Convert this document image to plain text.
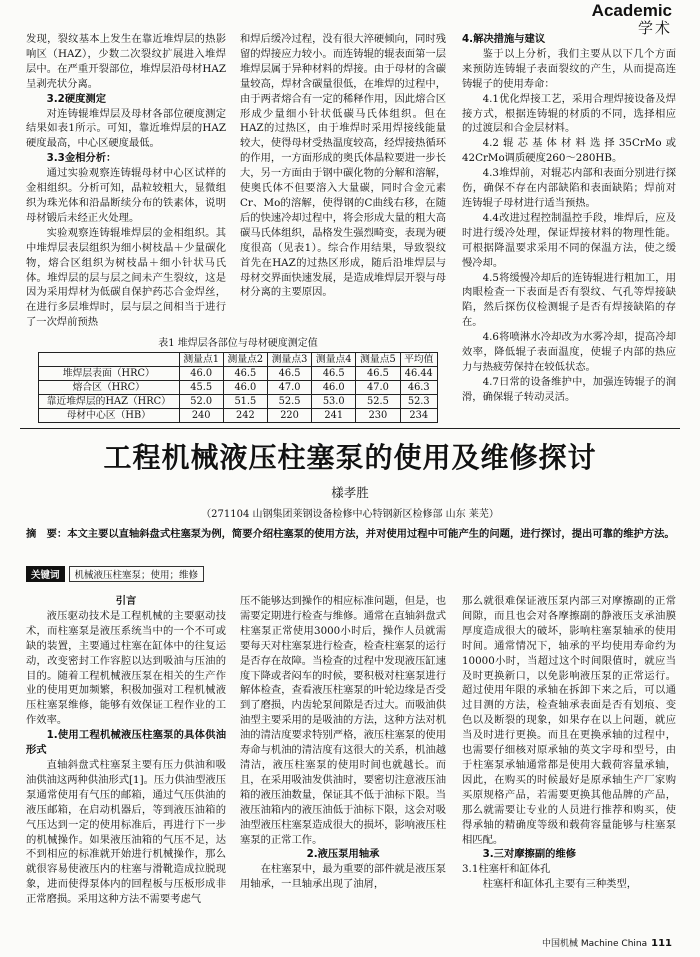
Academic
学术

发现，裂纹基本上发生在靠近堆焊层的热影响区（HAZ），少数二次裂纹扩展进入堆焊层中。在严重开裂部位，堆焊层沿母材HAZ呈剥壳状分离。

3.2硬度测定

对连铸辊堆焊层及母材各部位硬度测定结果如表1所示。可知，靠近堆焊层的HAZ硬度最高，中心区硬度最低。

3.3金相分析：

通过实验观察连铸辊母材中心区试样的金相组织。分析可知，晶粒较粗大，显微组织为珠光体和沿晶断续分布的铁素体，说明母材锻后未经正火处理。

实验观察连铸辊堆焊层的金相组织。其中堆焊层表层组织为细小树枝晶＋少量碳化物，熔合区组织为树枝晶＋细小针状马氏体。堆焊层的层与层之间未产生裂纹，这是因为采用焊材为低碳自保护药芯合金焊丝，在进行多层堆焊时，层与层之间相当于进行了一次焊前预热

和焊后缓冷过程，没有很大淬硬倾向，同时残留的焊接应力较小。而连铸辊的辊表面第一层堆焊层属于异种材料的焊接。由于母材的含碳量较高，焊材含碳量很低，在堆焊的过程中，由于两者熔合有一定的稀释作用，因此熔合区形成少量细小针状低碳马氏体组织。但在HAZ的过热区，由于堆焊时采用焊接线能量较大，使得母材受热温度较高，经焊接热循环的作用，一方面形成的奥氏体晶粒要进一步长大，另一方面由于钢中碳化物的分解和溶解，使奥氏体不但要溶入大量碳，同时合金元素Cr、Mo的溶解，使得钢的C曲线右移，在随后的快速冷却过程中，将会形成大量的粗大高碳马氏体组织，晶格发生强烈畸变，表现为硬度很高（见表1）。综合作用结果，导致裂纹首先在HAZ的过热区形成，随后沿堆焊层与母材交界面快速发展，是造成堆焊层开裂与母材分离的主要原因。

4.解决措施与建议

鉴于以上分析，我们主要从以下几个方面来预防连铸辊子表面裂纹的产生，从而提高连铸辊子的使用寿命：

4.1优化焊接工艺，采用合理焊接设备及焊接方式，根据连铸辊的材质的不同，选择相应的过渡层和合金层材料。

4.2辊芯基体材料选择35CrMo或42CrMo调质硬度260～280HB。

4.3堆焊前，对辊芯内部和表面分别进行探伤，确保不存在内部缺陷和表面缺陷；焊前对连铸辊子母材进行适当预热。

4.4改进过程控制温控手段，堆焊后，应及时进行缓冷处理，保证焊接材料的物理性能。可根据降温要求采用不同的保温方法，使之缓慢冷却。

4.5将缓慢冷却后的连铸辊进行粗加工，用肉眼检查一下表面是否有裂纹、气孔等焊接缺陷，然后探伤仪检测辊子是否有焊接缺陷的存在。

4.6将喷淋水冷却改为水雾冷却，提高冷却效率，降低辊子表面温度，使辊子内部的热应力与热疲劳保持在较低状态。

4.7日常的设备维护中，加强连铸辊子的润滑，确保辊子转动灵活。

表1 堆焊层各部位与母材硬度测定值
	测量点1	测量点2	测量点3	测量点4	测量点5	平均值
堆焊层表面（HRC）	46.0	46.5	46.5	46.5	46.5	46.44
熔合区（HRC）	45.5	46.0	47.0	46.0	47.0	46.3
靠近堆焊层的HAZ（HRC）	52.0	51.5	52.5	53.0	52.5	52.3
母材中心区（HB）	240	242	220	241	230	234
工程机械液压柱塞泵的使用及维修探讨
樣孝胜
（271104 山钢集团莱钢设备检修中心特钢新区检修部 山东 莱芜）
摘　要：本文主要以直轴斜盘式柱塞泵为例，简要介绍柱塞泵的使用方法，并对使用过程中可能产生的问题，进行探讨，提出可靠的维护方法。
关键词 机械液压柱塞泵；使用；维修

引言

液压驱动技术是工程机械的主要驱动技术，而柱塞泵是液压系统当中的一个不可或缺的装置，主要通过柱塞在缸体中的往复运动，改变密封工作容腔以达到吸油与压油的目的。随着工程机械液压泵在相关的生产作业的使用更加频繁，积极加强对工程机械液压柱塞泵维修，能够有效保证工程作业的工作效率。

1.使用工程机械液压柱塞泵的具体供油形式

直轴斜盘式柱塞泵主要有压力供油和吸油供油这两种供油形式[1]。压力供油型液压泵通常使用有气压的邮箱，通过气压供油的液压邮箱，在启动机器后，等到液压油箱的气压达到一定的使用标准后，再进行下一步的机械操作。如果液压油箱的气压不足，达不到相应的标准就开始进行机械操作，那么就很容易使液压内的柱塞与滑靴造成拉脱现象，进而使得泵体内的回程板与压板形成非正常磨损。采用这种方法不需要考虑气

压不能够达到操作的相应标准问题，但是，也需要定期进行检查与维修。通常在直轴斜盘式柱塞泵正常使用3000小时后，操作人员就需要每天对柱塞泵进行检查，检查柱塞泵的运行是否存在故障。当检查的过程中发现液压缸速度下降或者闷车的时候，要积极对柱塞泵进行解体检查，查看液压柱塞泵的叶轮边缘是否受到了磨损，内齿轮泵间隙是否过大。而吸油供油型主要采用的是吸油的方法，这种方法对机油的清洁度要求特别严格，液压柱塞泵的使用寿命与机油的清洁度有这很大的关系，机油越清洁，液压柱塞泵的使用时间也就越长。而且，在采用吸油发供油时，要密切注意液压油箱的液压油数量，保证其不低于油标下限。当液压油箱内的液压油低于油标下限，这会对吸油型液压柱塞泵造成很大的损坏，影响液压柱塞泵的正常工作。

2.液压泵用轴承

在柱塞泵中，最为重要的部件就是液压泵用轴承，一旦轴承出现了油屑，

那么就很难保证液压泵内部三对摩擦副的正常间隙，而且也会对各摩擦副的静液压支承油膜厚度造成很大的破坏，影响柱塞泵轴承的使用时间。通常情况下，轴承的平均使用寿命约为10000小时，当超过这个时间限值时，就应当及时更换新口，以免影响液压泵的正常运行。超过使用年限的承轴在拆卸下来之后，可以通过目测的方法，检查轴承表面是否有划痕、变色以及断裂的现象，如果存在以上问题，就应当及时进行更换。而且在更换承轴的过程中，也需要仔细核对原承轴的英文字母和型号，由于柱塞泵承轴通常都是使用大载荷容量承轴，因此，在购买的时候最好是原承轴生产厂家购买原规格产品，若需要更换其他品牌的产品，那么就需要让专业的人员进行推荐和购买，使得承轴的精确度等级和载荷容量能够与柱塞泵相匹配。

3.三对摩擦副的维修

3.1柱塞杆和缸体孔

柱塞杆和缸体孔主要有三种类型，

中国机械 Machine China 111
